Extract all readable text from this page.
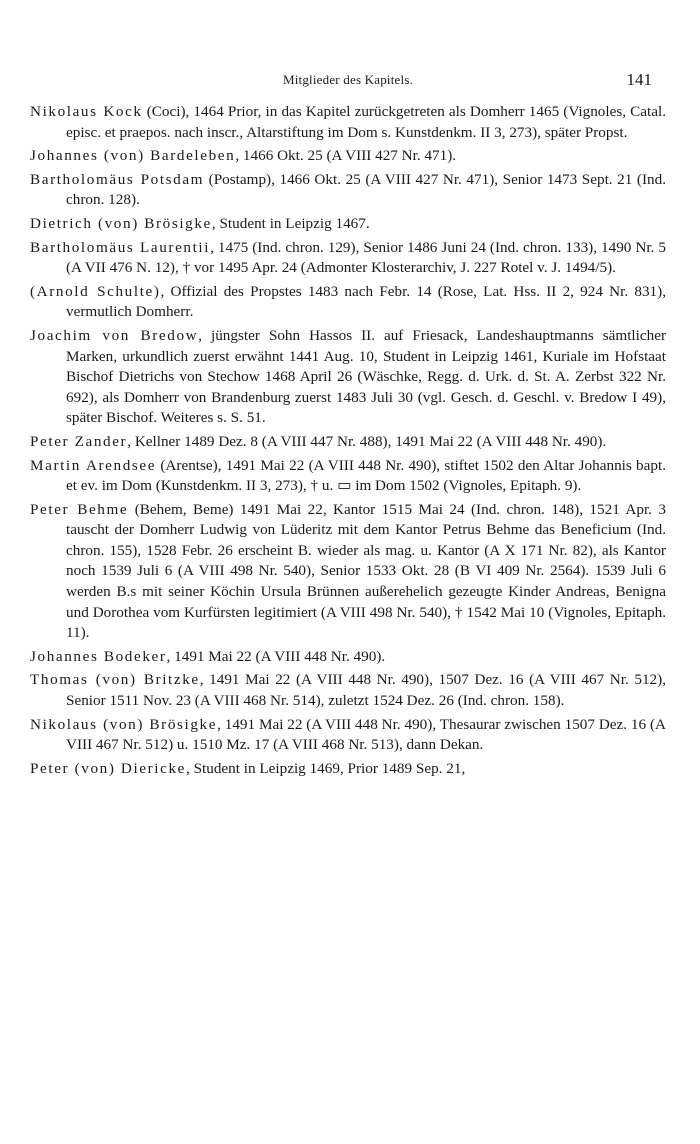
Mitglieder des Kapitels.	141

Nikolaus Kock (Coci), 1464 Prior, in das Kapitel zurückgetreten als Domherr 1465 (Vignoles, Catal. episc. et praepos. nach inscr., Altarstiftung im Dom s. Kunstdenkm. II 3, 273), später Propst.

Johannes (von) Bardeleben, 1466 Okt. 25 (A VIII 427 Nr. 471).

Bartholomäus Potsdam (Postamp), 1466 Okt. 25 (A VIII 427 Nr. 471), Senior 1473 Sept. 21 (Ind. chron. 128).

Dietrich (von) Brösigke, Student in Leipzig 1467.

Bartholomäus Laurentii, 1475 (Ind. chron. 129), Senior 1486 Juni 24 (Ind. chron. 133), 1490 Nr. 5 (A VII 476 N. 12), † vor 1495 Apr. 24 (Admonter Klosterarchiv, J. 227 Rotel v. J. 1494/5).

(Arnold Schulte), Offizial des Propstes 1483 nach Febr. 14 (Rose, Lat. Hss. II 2, 924 Nr. 831), vermutlich Domherr.

Joachim von Bredow, jüngster Sohn Hassos II. auf Friesack, Landeshauptmanns sämtlicher Marken, urkundlich zuerst erwähnt 1441 Aug. 10, Student in Leipzig 1461, Kuriale im Hofstaat Bischof Dietrichs von Stechow 1468 April 26 (Wäschke, Regg. d. Urk. d. St. A. Zerbst 322 Nr. 692), als Domherr von Brandenburg zuerst 1483 Juli 30 (vgl. Gesch. d. Geschl. v. Bredow I 49), später Bischof. Weiteres s. S. 51.

Peter Zander, Kellner 1489 Dez. 8 (A VIII 447 Nr. 488), 1491 Mai 22 (A VIII 448 Nr. 490).

Martin Arendsee (Arentse), 1491 Mai 22 (A VIII 448 Nr. 490), stiftet 1502 den Altar Johannis bapt. et ev. im Dom (Kunstdenkm. II 3, 273), † u. ▭ im Dom 1502 (Vignoles, Epitaph. 9).

Peter Behme (Behem, Beme) 1491 Mai 22, Kantor 1515 Mai 24 (Ind. chron. 148), 1521 Apr. 3 tauscht der Domherr Ludwig von Lüderitz mit dem Kantor Petrus Behme das Beneficium (Ind. chron. 155), 1528 Febr. 26 erscheint B. wieder als mag. u. Kantor (A X 171 Nr. 82), als Kantor noch 1539 Juli 6 (A VIII 498 Nr. 540), Senior 1533 Okt. 28 (B VI 409 Nr. 2564). 1539 Juli 6 werden B.s mit seiner Köchin Ursula Brünnen außerehelich gezeugte Kinder Andreas, Benigna und Dorothea vom Kurfürsten legitimiert (A VIII 498 Nr. 540), † 1542 Mai 10 (Vignoles, Epitaph. 11).

Johannes Bodeker, 1491 Mai 22 (A VIII 448 Nr. 490).

Thomas (von) Britzke, 1491 Mai 22 (A VIII 448 Nr. 490), 1507 Dez. 16 (A VIII 467 Nr. 512), Senior 1511 Nov. 23 (A VIII 468 Nr. 514), zuletzt 1524 Dez. 26 (Ind. chron. 158).

Nikolaus (von) Brösigke, 1491 Mai 22 (A VIII 448 Nr. 490), Thesaurar zwischen 1507 Dez. 16 (A VIII 467 Nr. 512) u. 1510 Mz. 17 (A VIII 468 Nr. 513), dann Dekan.

Peter (von) Diericke, Student in Leipzig 1469, Prior 1489 Sep. 21,
